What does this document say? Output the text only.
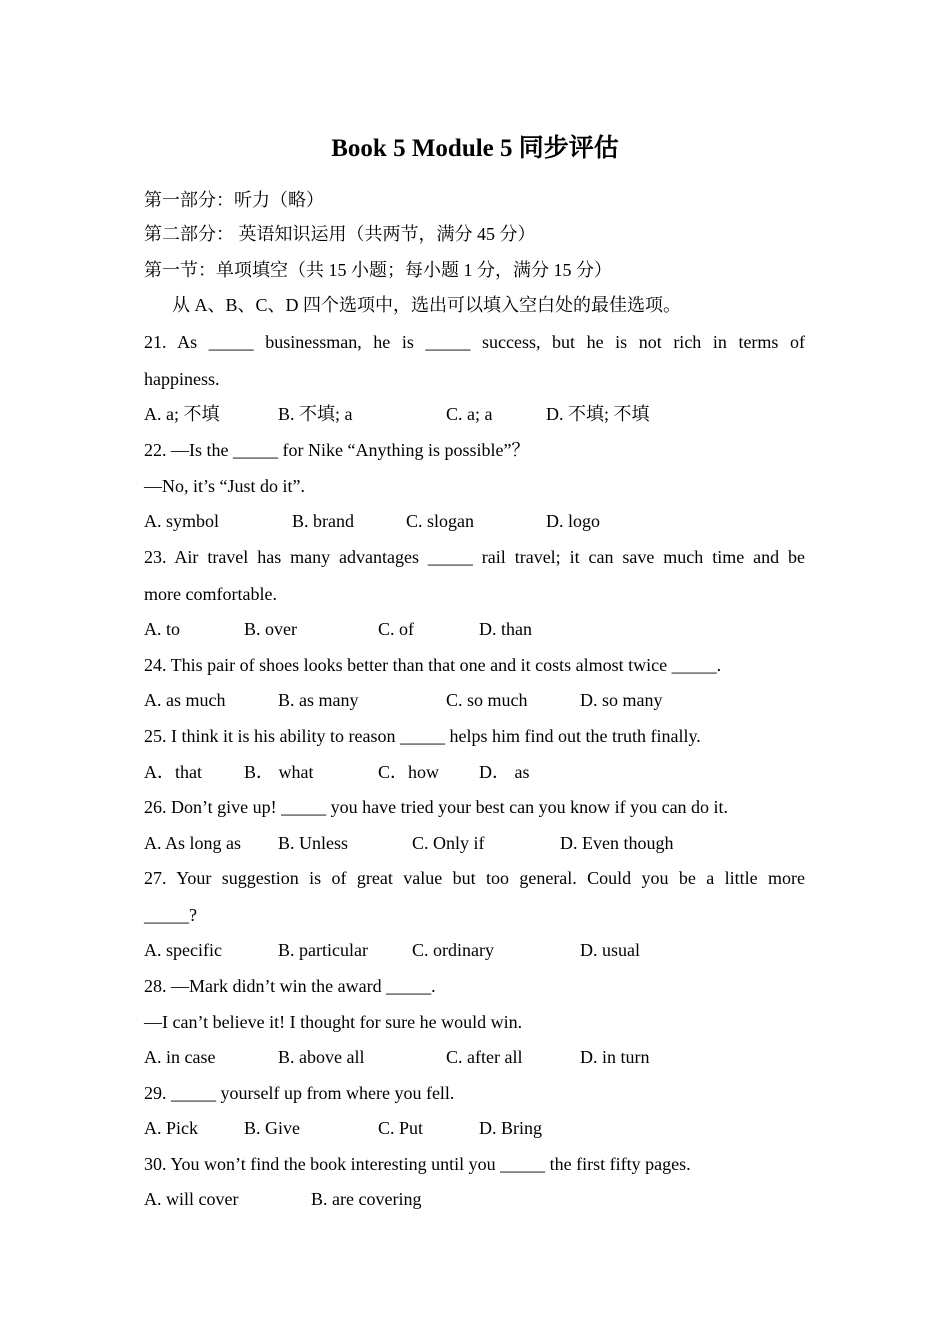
Book 5 Module 5 同步评估
第一部分：听力（略）
第二部分： 英语知识运用（共两节，满分 45 分）
第一节：单项填空（共 15 小题；每小题 1 分，满分 15 分）
从 A、B、C、D 四个选项中，选出可以填入空白处的最佳选项。
21. As _____ businessman, he is _____ success, but he is not rich in terms of
happiness.
A. a; 不填	B. 不填; a	C. a; a	D. 不填; 不填
22. —Is the _____ for Nike “Anything is possible”？
—No, it’s “Just do it”.
A. symbol	B. brand	C. slogan	D. logo
23. Air travel has many advantages _____ rail travel; it can save much time and be
more comfortable.
A. to	B. over	C. of	D. than
24. This pair of shoes looks better than that one and it costs almost twice _____.
A. as much	B. as many	C. so much	D. so many
25. I think it is his ability to reason _____ helps him find out the truth finally.
A．that B． what	C．how D． as
26. Don’t give up! _____ you have tried your best can you know if you can do it.
A. As long as B. Unless	C. Only if	D. Even though
27. Your suggestion is of great value but too general. Could you be a little more
_____?
A. specific	B. particular C. ordinary	D. usual
28. —Mark didn’t win the award _____.
—I can’t believe it! I thought for sure he would win.
A. in case	B. above all	C. after all	D. in turn
29. _____ yourself up from where you fell.
A. Pick	B. Give	C. Put	D. Bring
30. You won’t find the book interesting until you _____ the first fifty pages.
A. will cover	B. are covering
